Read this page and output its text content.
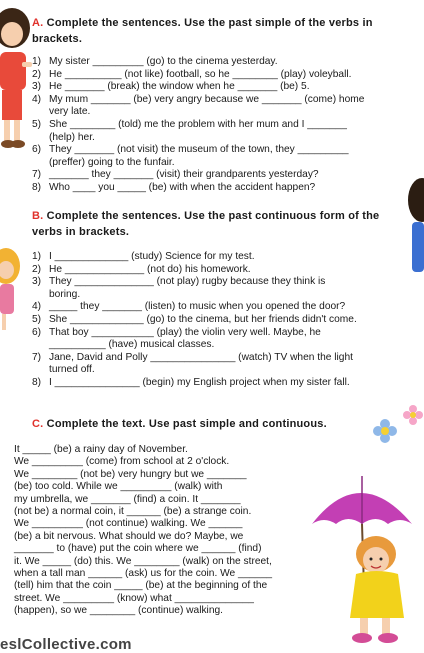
A. Complete the sentences. Use the past simple of the verbs in
brackets.
1) My sister _________ (go) to the cinema yesterday.
2) He __________ (not like) football, so he ________ (play) voleyball.
3) He _______ (break) the window when he _______ (be) 5.
4) My mum _______ (be) very angry because we _______ (come) home
very late.
5) She ________ (told) me the problem with her mum and I _______
(help) her.
6) They _______ (not visit) the museum of the town, they _________
(preffer) going to the funfair.
7) _______ they _______ (visit) their grandparents yesterday?
8) Who ____ you _____ (be) with when the accident happen?
B. Complete the sentences. Use the past continuous form of the
verbs in brackets.
1) I _____________ (study) Science for my test.
2) He ______________ (not do) his homework.
3) They ______________ (not play) rugby because they think is
boring.
4) _____ they _______ (listen) to music when you opened the door?
5) She _____________ (go) to the cinema, but her friends didn't come.
6) That boy ___________ (play) the violin very well. Maybe, he
__________ (have) musical classes.
7) Jane, David and Polly _______________ (watch) TV when the light
turned off.
8) I _______________ (begin) my English project when my sister fall.
C. Complete the text. Use past simple and continuous.
It _____ (be) a rainy day of November.
We _________ (come) from school at 2 o'clock.
We ________ (not be) very hungry but we _______
(be) too cold. While we _________ (walk) with
my umbrella, we _______ (find) a coin. It _______
(not be) a normal coin, it ______ (be) a strange coin.
We _________ (not continue) walking. We ______
(be) a bit nervous. What should we do? Maybe, we
_______ to (have) put the coin where we ______ (find)
it. We _____ (do) this. We ________ (walk) on the street,
when a tall man ______ (ask) us for the coin. We ______
(tell) him that the coin _____ (be) at the beginning of the
street. We _________ (know) what ______________
(happen), so we ________ (continue) walking.
eslCollective.com
